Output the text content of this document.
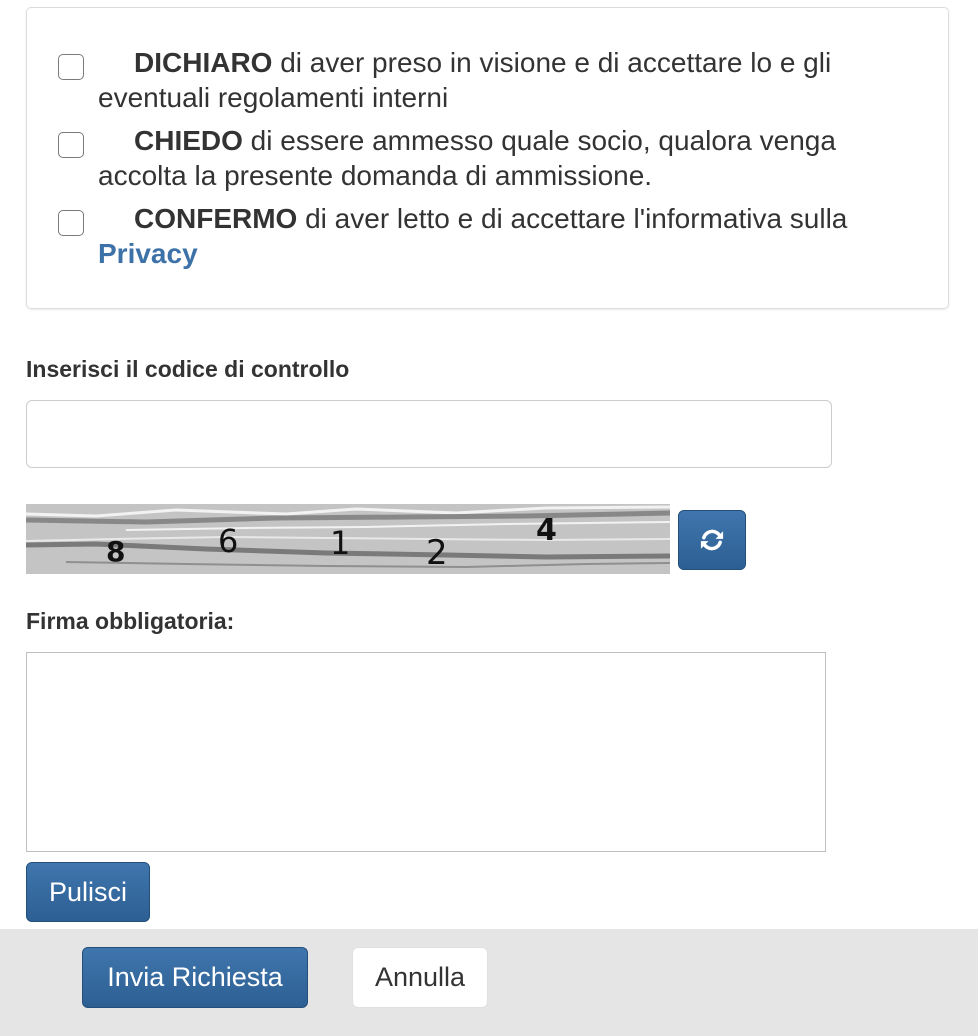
DICHIARO di aver preso in visione e di accettare lo e gli eventuali regolamenti interni
CHIEDO di essere ammesso quale socio, qualora venga accolta la presente domanda di ammissione.
CONFERMO di aver letto e di accettare l'informativa sulla Privacy
Inserisci il codice di controllo
8	6	1 2
4
Firma obbligatoria:
Pulisci
Invia Richiesta	Annulla
